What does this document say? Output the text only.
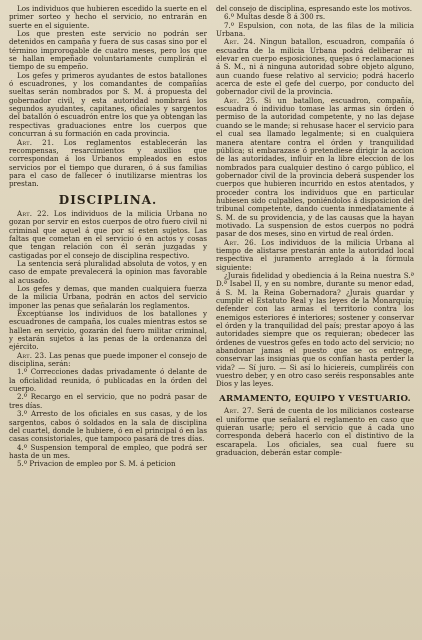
Los individuos que hubieren escedido la suerte en el primer sorteo y hecho el servicio, no entrarán en suerte en el siguiente.

Los que presten este servicio no podrán ser detenidos en campaña y fuera de sus casas sino por el término improrogable de cuatro meses, pero los que se hallan empeñado voluntariamente cumplirán el tiempo de su empeño.

Los gefes y primeros ayudantes de estos batallones ó escuadrones, y los comandantes de compañías sueltas serán nombrados por S. M. á propuesta del gobernador civil, y esta autoridad nombrará los segundos ayudantes, capitanes, oficiales y sargentos del batallón ó escuadrón entre los que ya obtengan las respectivas graduaciones entre los cuerpos que concurran á su formación en cada provincia.

Art. 21. Los reglamentos establecerán las recompensas, resarcimientos y auxilios que correspondan á los Urbanos empleados en estos servicios por el tiempo que duraren, ó á sus familias para el caso de fallecer ó inutilizarse mientras los prestan.

DISCIPLINA.

Art. 22. Los individuos de la milicia Urbana no gozan por servir en estos cuerpos de otro fuero civil ni criminal que aquel á que por sí esten sujetos. Las faltas que cometan en el servicio ó en actos y cosas que tengan relación con él serán juzgadas y castigadas por el consejo de disciplina respectivo.

La sentencia será pluralidad absoluta de votos, y en caso de empate prevalecerá la opinion mas favorable al acusado.

Los gefes y demas, que manden cualquiera fuerza de la milicia Urbana, podrán en actos del servicio imponer las penas que señalarán los reglamentos.

Exceptúanse los individuos de los batallones y escuadrones de campaña, los cuales mientras estos se hallen en servicio, gozarán del fuero militar criminal, y estarán sujetos á las penas de la ordenanza del ejército.

Art. 23. Las penas que puede imponer el consejo de disciplina, serán:

1.º Correcciones dadas privadamente ó delante de la oficialidad reunida, ó publicadas en la órden del cuerpo.

2.º Recargo en el servicio, que no podrá pasar de tres días.

3.º Arresto de los oficiales en sus casas, y de los sargentos, cabos ó soldados en la sala de disciplina del cuartel, donde le hubiere, ó en el principal ó en las casas consistoriales, que tampoco pasará de tres días.

4.º Suspension temporal de empleo, que podrá ser hasta de un mes.

5.º Privacion de empleo por S. M. á peticion

del consejo de disciplina, espresando este los motivos.

6.º Multas desde 8 á 300 rs.

7.º Espulsion, con nota, de las filas de la milicia Urbana.

Art. 24. Ningun batallon, escuadron, compañía ó escuadra de la milicia Urbana podrá deliberar ni elevar en cuerpo esposiciones, quejas ó reclamaciones á S. M., ni á ninguna autoridad sobre objeto alguno, aun cuando fuese relativo al servicio; podrá hacerlo acerca de este el gefe del cuerpo, por conducto del gobernador civil de la provincia.

Art. 25. Si un batallon, escuadron, compañía, escuadra ó individuo tomase las armas sin órden ó permiso de la autoridad competente, y no las dejase cuando se le mande; si rehusase hacer el servicio para el cual sea llamado legalmente; si en cualquiera manera atentare contra el órden y tranquilidad pública; si embarazase ó pretendiese dirigir la accion de las autoridades, influir en la libre eleccion de los nombrados para cualquier destino ó cargo público, el gobernador civil de la provincia deberá suspender los cuerpos que hubieren incurrido en estos atentados, y proceder contra los individuos que en particular hubiesen sido culpables, poniéndolos á disposicion del tribunal competente, dando cuenta inmediatamente á S. M. de su providencia, y de las causas que la hayan motivado. La suspension de estos cuerpos no podrá pasar de dos meses, sino en virtud de real órden.

Art. 26. Los individuos de la milicia Urbana al tiempo de alistarse prestarán ante la autoridad local respectiva el juramento arreglado á la fórmula siguiente:

¿Jurais fidelidad y obediencia á la Reina nuestra S.ª D.ª Isabel II, y en su nombre, durante su menor edad, á S. M. la Reina Gobernadora? ¿Jurais guardar y cumplir el Estatuto Real y las leyes de la Monarquía; defender con las armas el territorio contra los enemigos esteriores é interiores; sostener y conservar el órden y la tranquilidad del país; prestar apoyo á las autoridades siempre que os requieran; obedecer las órdenes de vuestros gefes en todo acto del servicio; no abandonar jamas el puesto que se os entrege, conservar las insignias que os confían hasta perder la vida? — Sí juro. — Si así lo hiciereis, cumpliréis con vuestro deber, y en otro caso seréis responsables ante Dios y las leyes.

ARMAMENTO, EQUIPO Y VESTUARIO.

Art. 27. Será de cuenta de los milicianos costearse el uniforme que señalará el reglamento en caso que quieran usarle; pero el servicio que á cada uno corresponda deberá hacerlo con el distintivo de la escarapela. Los oficiales, sea cual fuere su graduacion, deberán estar comple-
